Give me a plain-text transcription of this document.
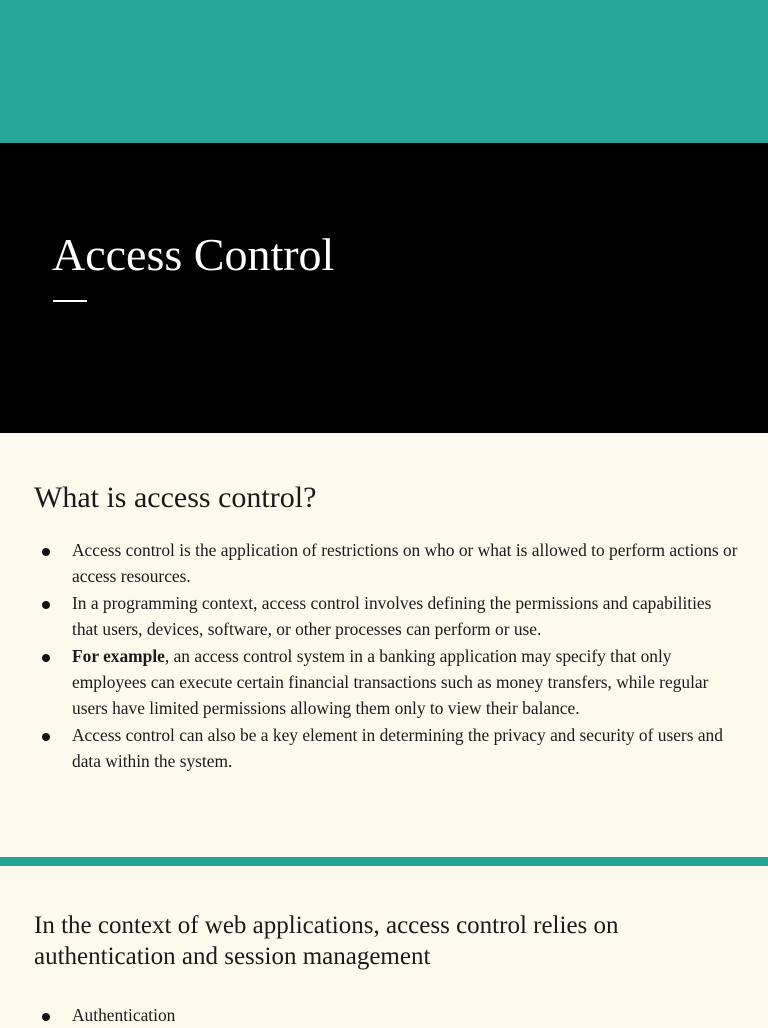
Access Control
What is access control?
Access control is the application of restrictions on who or what is allowed to perform actions or access resources.
In a programming context, access control involves defining the permissions and capabilities that users, devices, software, or other processes can perform or use.
For example, an access control system in a banking application may specify that only employees can execute certain financial transactions such as money transfers, while regular users have limited permissions allowing them only to view their balance.
Access control can also be a key element in determining the privacy and security of users and data within the system.
In the context of web applications, access control relies on authentication and session management
Authentication
